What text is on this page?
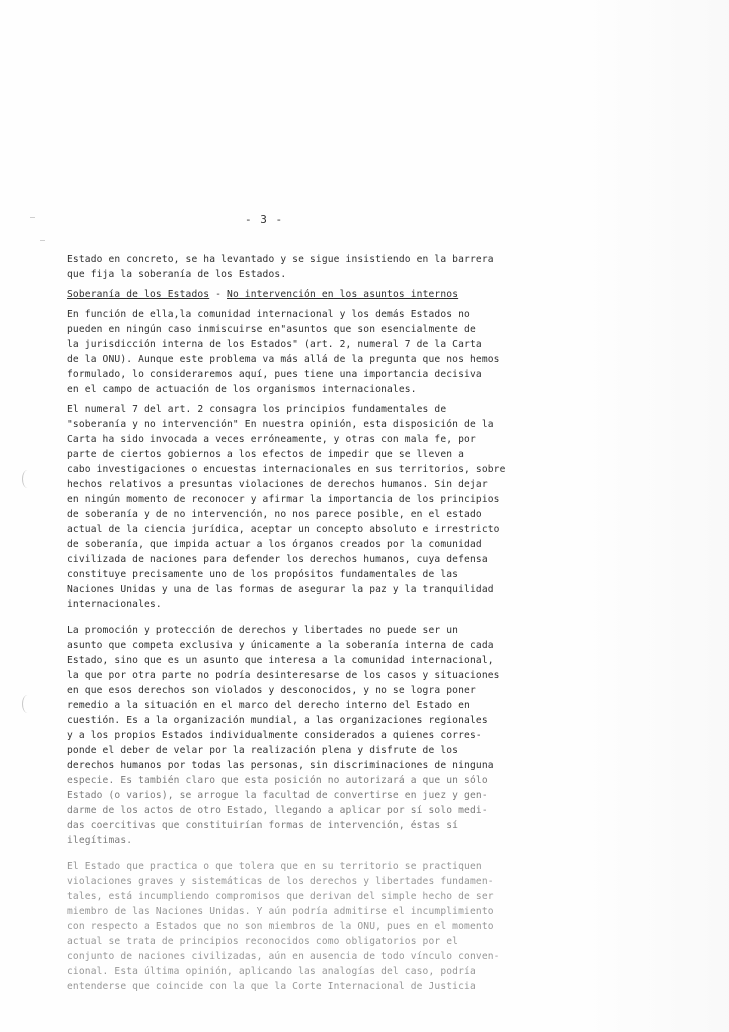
- 3 -
Estado en concreto, se ha levantado y se sigue insistiendo en la barrera
que fija la soberanía de los Estados.
Soberanía de los Estados - No intervención en los asuntos internos
En función de ella,la comunidad internacional y los demás Estados no
pueden en ningún caso inmiscuirse en"asuntos que son esencialmente de
la jurisdicción interna de los Estados" (art. 2, numeral 7 de la Carta
de la ONU). Aunque este problema va más allá de la pregunta que nos hemos
formulado, lo consideraremos aquí, pues tiene una importancia decisiva
en el campo de actuación de los organismos internacionales.
El numeral 7 del art. 2 consagra los principios fundamentales de
"soberanía y no intervención" En nuestra opinión, esta disposición de la
Carta ha sido invocada a veces erróneamente, y otras con mala fe, por
parte de ciertos gobiernos a los efectos de impedir que se lleven a
cabo investigaciones o encuestas internacionales en sus territorios, sobre
hechos relativos a presuntas violaciones de derechos humanos. Sin dejar
en ningún momento de reconocer y afirmar la importancia de los principios
de soberanía y de no intervención, no nos parece posible, en el estado
actual de la ciencia jurídica, aceptar un concepto absoluto e irrestricto
de soberanía, que impida actuar a los órganos creados por la comunidad
civilizada de naciones para defender los derechos humanos, cuya defensa
constituye precisamente uno de los propósitos fundamentales de las
Naciones Unidas y una de las formas de asegurar la paz y la tranquilidad
internacionales.
La promoción y protección de derechos y libertades no puede ser un
asunto que competa exclusiva y únicamente a la soberanía interna de cada
Estado, sino que es un asunto que interesa a la comunidad internacional,
la que por otra parte no podría desinteresarse de los casos y situaciones
en que esos derechos son violados y desconocidos, y no se logra poner
remedio a la situación en el marco del derecho interno del Estado en
cuestión. Es a la organización mundial, a las organizaciones regionales
y a los propios Estados individualmente considerados a quienes corres-
ponde el deber de velar por la realización plena y disfrute de los
derechos humanos por todas las personas, sin discriminaciones de ninguna
especie. Es también claro que esta posición no autorizará a que un sólo
Estado (o varios), se arrogue la facultad de convertirse en juez y gen-
darme de los actos de otro Estado, llegando a aplicar por sí solo medi-
das coercitivas que constituirían formas de intervención, éstas sí
ilegítimas.
El Estado que practica o que tolera que en su territorio se practiquen
violaciones graves y sistemáticas de los derechos y libertades fundamen-
tales, está incumpliendo compromisos que derivan del simple hecho de ser
miembro de las Naciones Unidas. Y aún podría admitirse el incumplimiento
con respecto a Estados que no son miembros de la ONU, pues en el momento
actual se trata de principios reconocidos como obligatorios por el
conjunto de naciones civilizadas, aún en ausencia de todo vínculo conven-
cional. Esta última opinión, aplicando las analogías del caso, podría
entenderse que coincide con la que la Corte Internacional de Justicia
